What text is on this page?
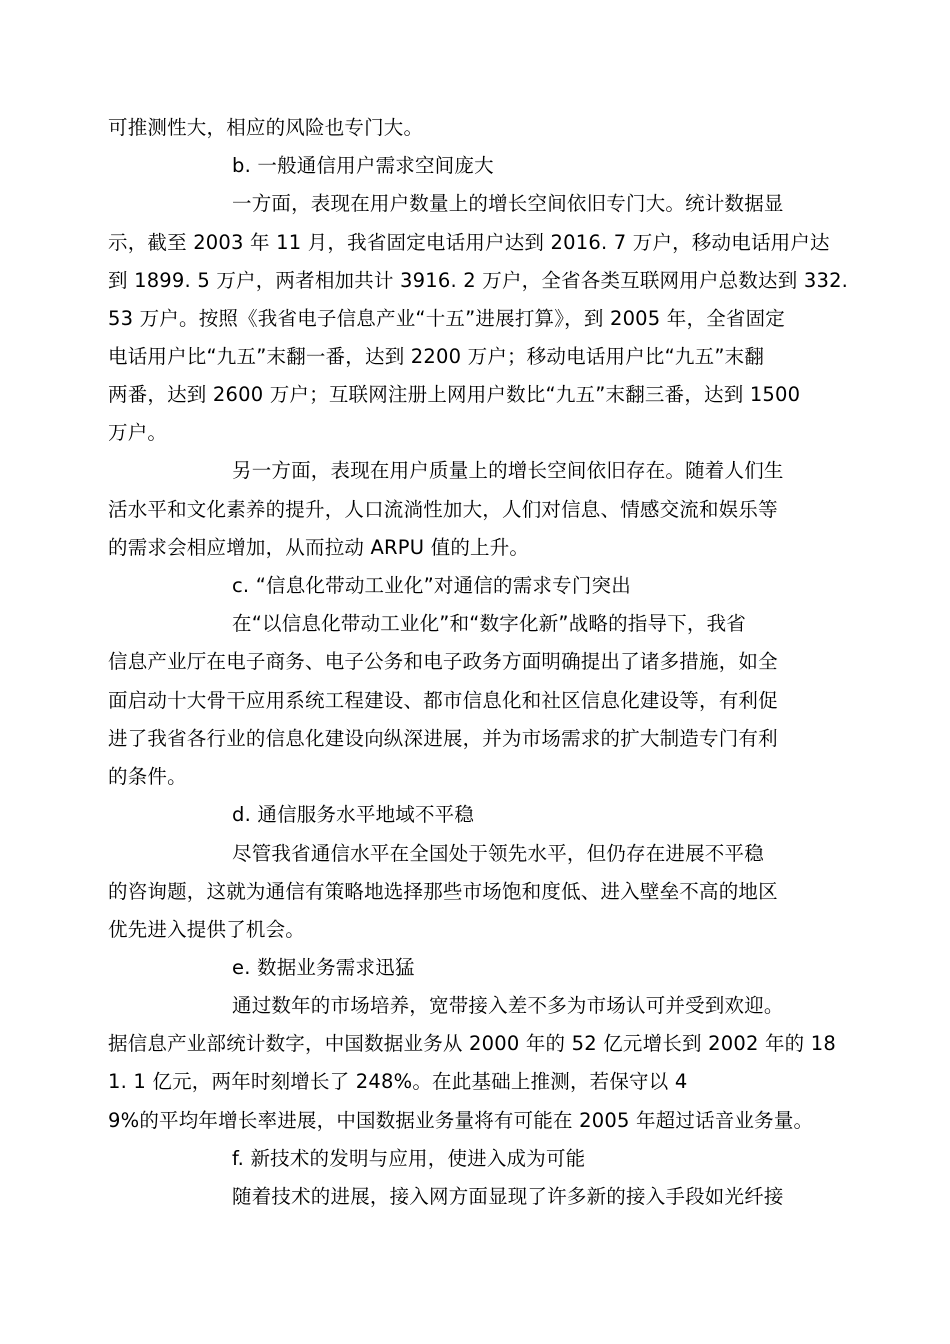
可推测性大，相应的风险也专门大。

b. 一般通信用户需求空间庞大

一方面，表现在用户数量上的增长空间依旧专门大。统计数据显

示，截至 2003 年 11 月，我省固定电话用户达到 2016. 7 万户，移动电话用户达

到 1899. 5 万户，两者相加共计 3916. 2 万户，全省各类互联网用户总数达到 332.

53 万户。按照《我省电子信息产业“十五”进展打算》，到 2005 年，全省固定

电话用户比“九五”末翻一番，达到 2200 万户；移动电话用户比“九五”末翻

两番，达到 2600 万户；互联网注册上网用户数比“九五”末翻三番，达到 1500

万户。

另一方面，表现在用户质量上的增长空间依旧存在。随着人们生

活水平和文化素养的提升，人口流淌性加大，人们对信息、情感交流和娱乐等

的需求会相应增加，从而拉动 ARPU 值的上升。

c. “信息化带动工业化”对通信的需求专门突出

在“以信息化带动工业化”和“数字化新”战略的指导下，我省

信息产业厅在电子商务、电子公务和电子政务方面明确提出了诸多措施，如全

面启动十大骨干应用系统工程建设、都市信息化和社区信息化建设等，有利促

进了我省各行业的信息化建设向纵深进展，并为市场需求的扩大制造专门有利

的条件。

d. 通信服务水平地域不平稳

尽管我省通信水平在全国处于领先水平，但仍存在进展不平稳

的咨询题，这就为通信有策略地选择那些市场饱和度低、进入壁垒不高的地区

优先进入提供了机会。

e. 数据业务需求迅猛

通过数年的市场培养，宽带接入差不多为市场认可并受到欢迎。

据信息产业部统计数字，中国数据业务从 2000 年的 52 亿元增长到 2002 年的 18

1. 1 亿元，两年时刻增长了 248%。在此基础上推测，若保守以 4

9%的平均年增长率进展，中国数据业务量将有可能在 2005 年超过话音业务量。

f. 新技术的发明与应用，使进入成为可能

随着技术的进展，接入网方面显现了许多新的接入手段如光纤接
